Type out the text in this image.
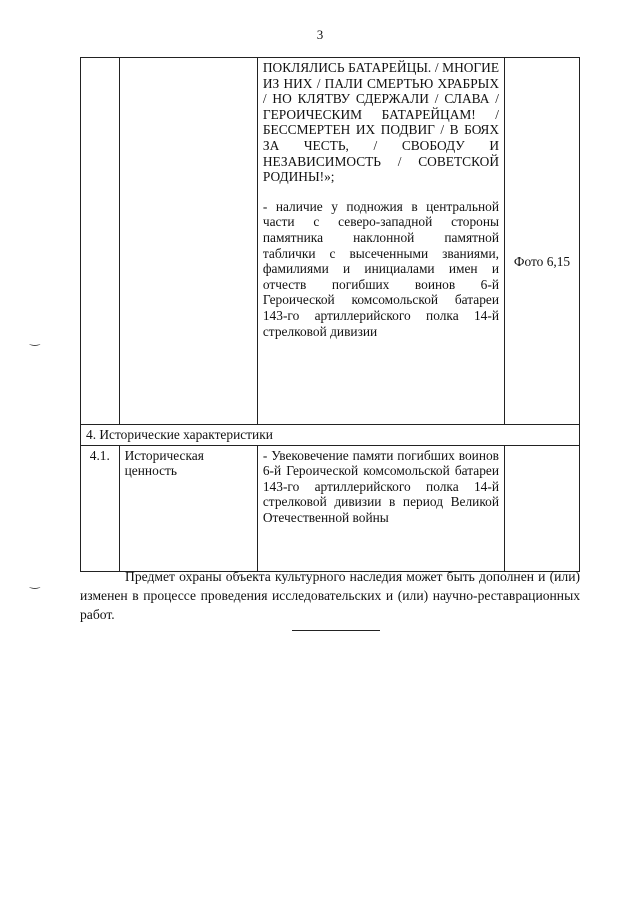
3

		ПОКЛЯЛИСЬ БАТАРЕЙЦЫ. / МНОГИЕ ИЗ НИХ / ПАЛИ СМЕРТЬЮ ХРАБРЫХ / НО КЛЯТВУ СДЕРЖАЛИ / СЛАВА / ГЕРОИЧЕСКИМ БАТАРЕЙЦАМ! / БЕССМЕРТЕН ИХ ПОДВИГ / В БОЯХ ЗА ЧЕСТЬ, / СВОБОДУ И НЕЗАВИСИМОСТЬ / СОВЕТСКОЙ РОДИНЫ!»;
- наличие у подножия в центральной части с северо-западной стороны памятника наклонной памятной таблички с высеченными званиями, фамилиями и инициалами имен и отчеств погибших воинов 6-й Героической комсомольской батареи 143-го артиллерийского полка 14-й стрелковой дивизии	Фото 6,15

4. Исторические характеристики			
4.1.	Историческая ценность	- Увековечение памяти погибших воинов 6-й Героической комсомольской батареи 143-го артиллерийского полка 14-й стрелковой дивизии в период Великой Отечественной войны	
Предмет охраны объекта культурного наследия может быть дополнен и (или) изменен в процессе проведения исследовательских и (или) научно-реставрационных работ.
‿
‿
